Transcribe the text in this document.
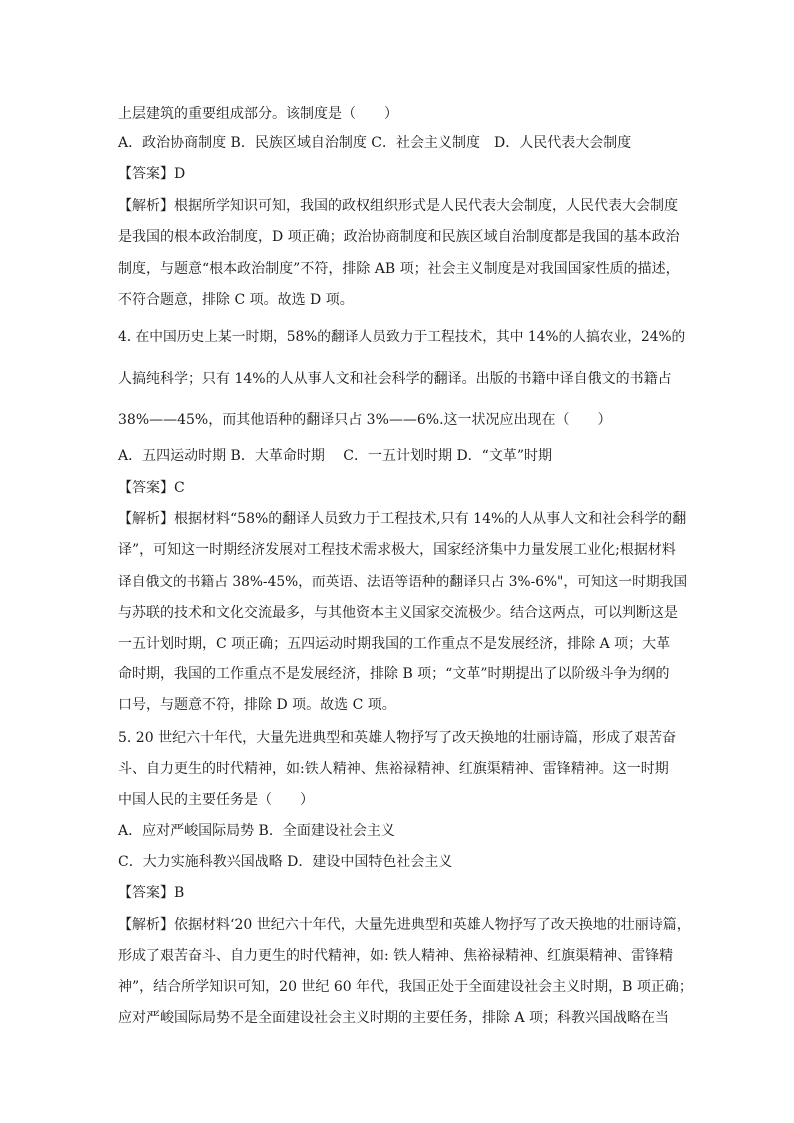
上层建筑的重要组成部分。该制度是（　　）
A．政治协商制度 B．民族区域自治制度 C．社会主义制度　D．人民代表大会制度
【答案】D
【解析】根据所学知识可知，我国的政权组织形式是人民代表大会制度，人民代表大会制度
是我国的根本政治制度，D 项正确；政治协商制度和民族区域自治制度都是我国的基本政治
制度，与题意“根本政治制度”不符，排除 AB 项；社会主义制度是对我国国家性质的描述，
不符合题意，排除 C 项。故选 D 项。
4. 在中国历史上某一时期，58%的翻译人员致力于工程技术，其中 14%的人搞农业，24%的
人搞纯科学；只有 14%的人从事人文和社会科学的翻译。出版的书籍中译自俄文的书籍占
38%——45%，而其他语种的翻译只占 3%——6%.这一状况应出现在（　　）
A．五四运动时期 B．大革命时期　 C．一五计划时期 D．“文革”时期
【答案】C
【解析】根据材料“58%的翻译人员致力于工程技术,只有 14%的人从事人文和社会科学的翻
译”，可知这一时期经济发展对工程技术需求极大，国家经济集中力量发展工业化;根据材料
译自俄文的书籍占 38%-45%，而英语、法语等语种的翻译只占 3%-6%"，可知这一时期我国
与苏联的技术和文化交流最多，与其他资本主义国家交流极少。结合这两点，可以判断这是
一五计划时期，C 项正确；五四运动时期我国的工作重点不是发展经济，排除 A 项；大革
命时期，我国的工作重点不是发展经济，排除 B 项；“文革”时期提出了以阶级斗争为纲的
口号，与题意不符，排除 D 项。故选 C 项。
5. 20 世纪六十年代，大量先进典型和英雄人物抒写了改天换地的壮丽诗篇，形成了艰苦奋
斗、自力更生的时代精神，如:铁人精神、焦裕禄精神、红旗渠精神、雷锋精神。这一时期
中国人民的主要任务是（　　）
A．应对严峻国际局势 B．全面建设社会主义
C．大力实施科教兴国战略 D．建设中国特色社会主义
【答案】B
【解析】依据材料‘20 世纪六十年代，大量先进典型和英雄人物抒写了改天换地的壮丽诗篇，
形成了艰苦奋斗、自力更生的时代精神，如: 铁人精神、焦裕禄精神、红旗渠精神、雷锋精
神”，结合所学知识可知，20 世纪 60 年代，我国正处于全面建设社会主义时期，B 项正确；
应对严峻国际局势不是全面建设社会主义时期的主要任务，排除 A 项；科教兴国战略在当
